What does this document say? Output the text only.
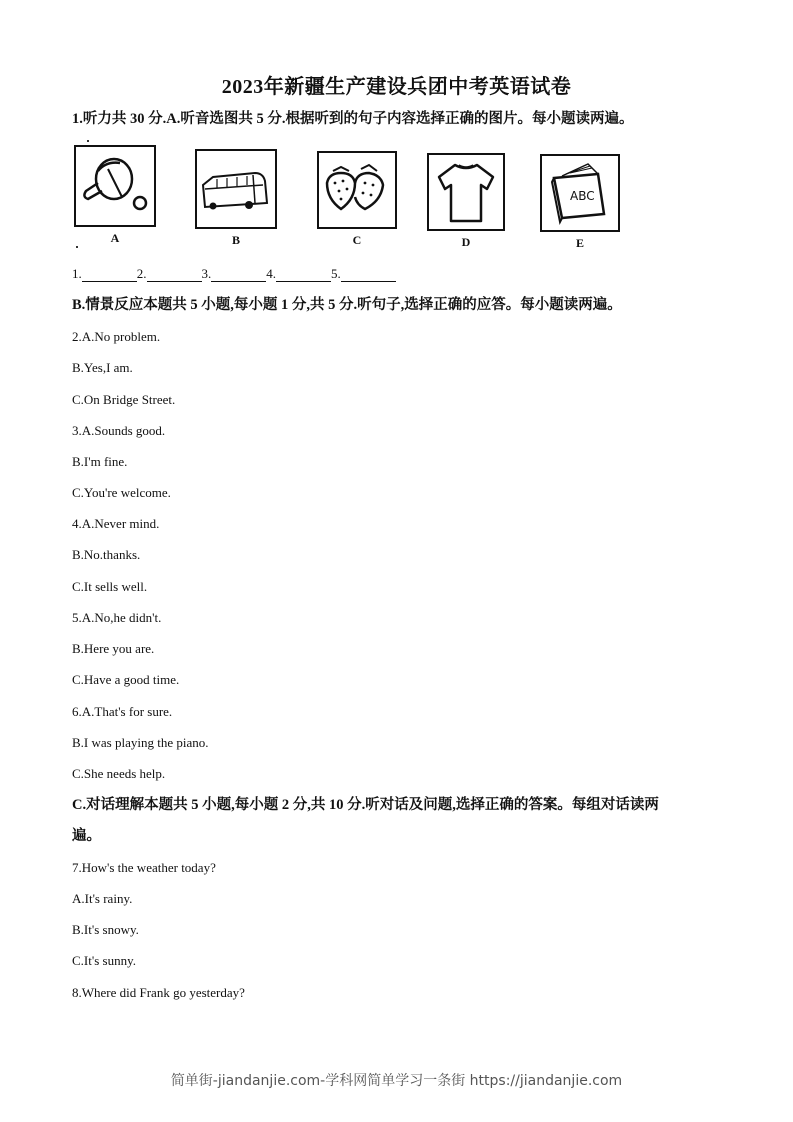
2023年新疆生产建设兵团中考英语试卷
1.听力共 30 分.A.听音选图共 5 分.根据听到的句子内容选择正确的图片。每小题读两遍。
A	B	C	D
ABC
E
1.	2.	3.	4.	5.
B.情景反应本题共 5 小题,每小题 1 分,共 5 分.听句子,选择正确的应答。每小题读两遍。
2.A.No problem.
B.Yes,I am.
C.On Bridge Street.
3.A.Sounds good.
B.I'm fine.
C.You're welcome.
4.A.Never mind.
B.No.thanks.
C.It sells well.
5.A.No,he didn't.
B.Here you are.
C.Have a good time.
6.A.That's for sure.
B.I was playing the piano.
C.She needs help.
C.对话理解本题共 5 小题,每小题 2 分,共 10 分.听对话及问题,选择正确的答案。每组对话读两
遍。
7.How's the weather today?
A.It's rainy.
B.It's snowy.
C.It's sunny.
8.Where did Frank go yesterday?
简单街-jiandanjie.com-学科网简单学习一条街 https://jiandanjie.com
